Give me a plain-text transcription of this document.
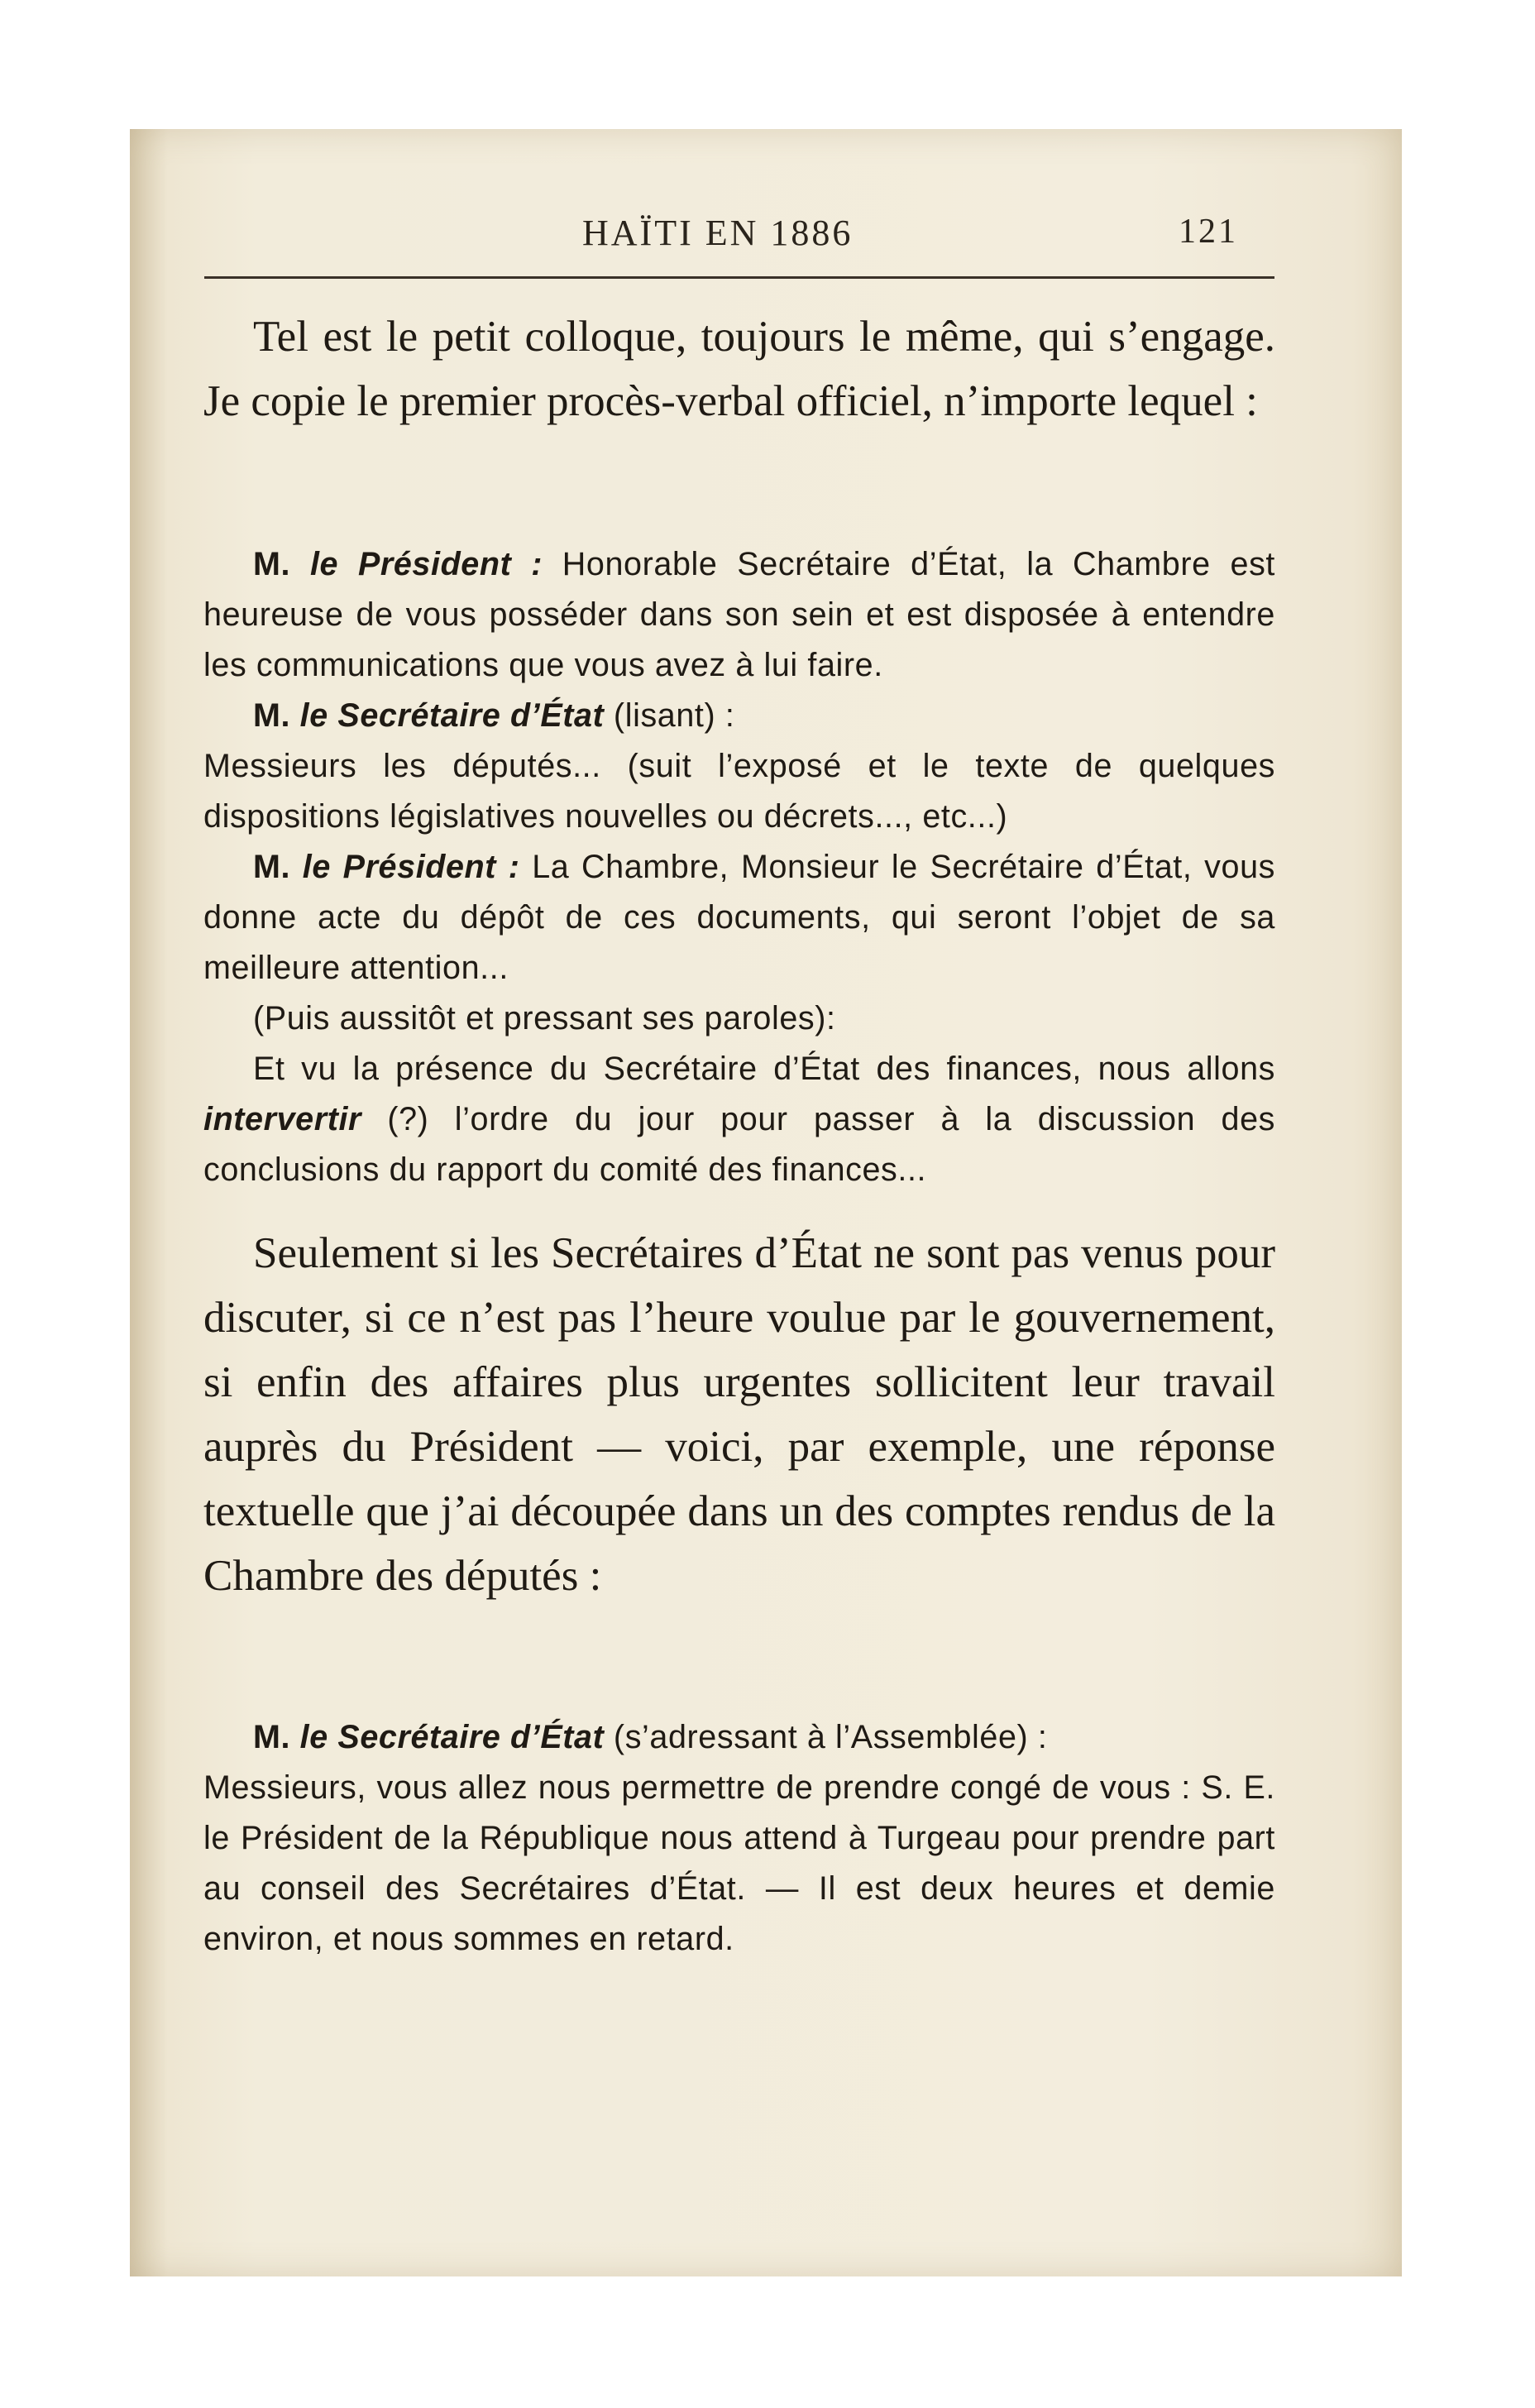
HAÏTI EN 1886	121

Tel est le petit colloque, toujours le même, qui s’engage. Je copie le premier procès-verbal officiel, n’importe lequel :

M. le Président : Honorable Secrétaire d’État, la Chambre est heureuse de vous posséder dans son sein et est disposée à entendre les communications que vous avez à lui faire.

M. le Secrétaire d’État (lisant) :

Messieurs les députés... (suit l’exposé et le texte de quelques dispositions législatives nouvelles ou décrets..., etc...)

M. le Président : La Chambre, Monsieur le Secrétaire d’État, vous donne acte du dépôt de ces documents, qui seront l’objet de sa meilleure attention...

(Puis aussitôt et pressant ses paroles):

Et vu la présence du Secrétaire d’État des finances, nous allons intervertir (?) l’ordre du jour pour passer à la discussion des conclusions du rapport du comité des finances...

Seulement si les Secrétaires d’État ne sont pas venus pour discuter, si ce n’est pas l’heure voulue par le gouvernement, si enfin des affaires plus urgentes sollicitent leur travail auprès du Président — voici, par exemple, une réponse textuelle que j’ai découpée dans un des comptes rendus de la Chambre des députés :

M. le Secrétaire d’État (s’adressant à l’Assemblée) :

Messieurs, vous allez nous permettre de prendre congé de vous : S. E. le Président de la République nous attend à Turgeau pour prendre part au conseil des Secrétaires d’État. — Il est deux heures et demie environ, et nous sommes en retard.
